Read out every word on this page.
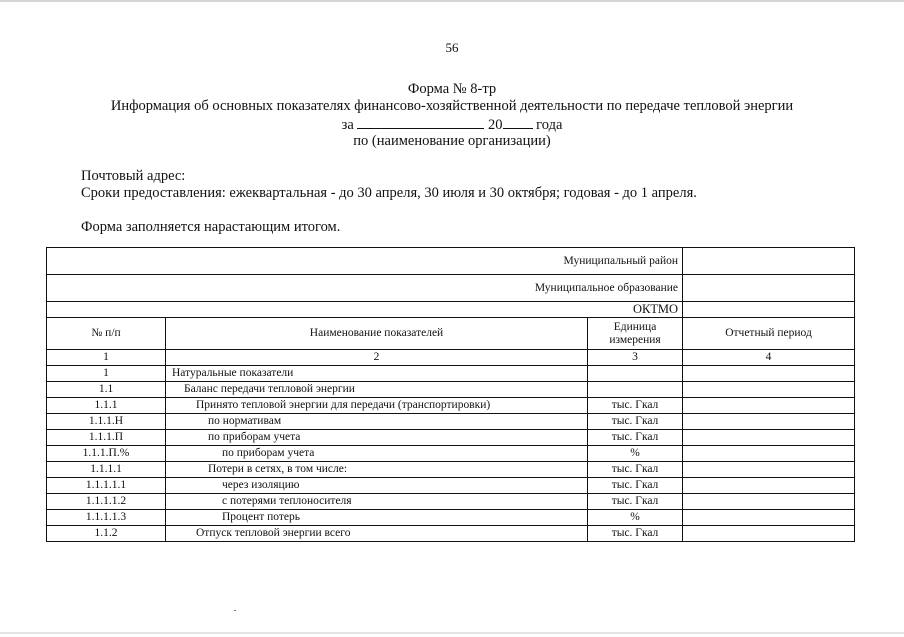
56
Форма № 8-тр
Информация об основных показателях финансово-хозяйственной деятельности по передаче тепловой энергии
за	20 года
по (наименование организации)
Почтовый адрес:
Сроки предоставления: ежеквартальная - до 30 апреля, 30 июля и 30 октября; годовая - до 1 апреля.
Форма заполняется нарастающим итогом.
Муниципальный район			
Муниципальное образование			
ОКТМО			
№ п/п	Наименование показателей	Единица измерения	Отчетный период
1	2	3	4
1	Натуральные показатели		
1.1	Баланс передачи тепловой энергии		
1.1.1	Принято тепловой энергии для передачи (транспортировки)	тыс. Гкал	
1.1.1.Н	по нормативам	тыс. Гкал	
1.1.1.П	по приборам учета	тыс. Гкал	
1.1.1.П.%	по приборам учета	%	
1.1.1.1	Потери в сетях, в том числе:	тыс. Гкал	
1.1.1.1.1	через изоляцию	тыс. Гкал	
1.1.1.1.2	с потерями теплоносителя	тыс. Гкал	
1.1.1.1.3	Процент потерь	%	
1.1.2	Отпуск тепловой энергии всего	тыс. Гкал	
